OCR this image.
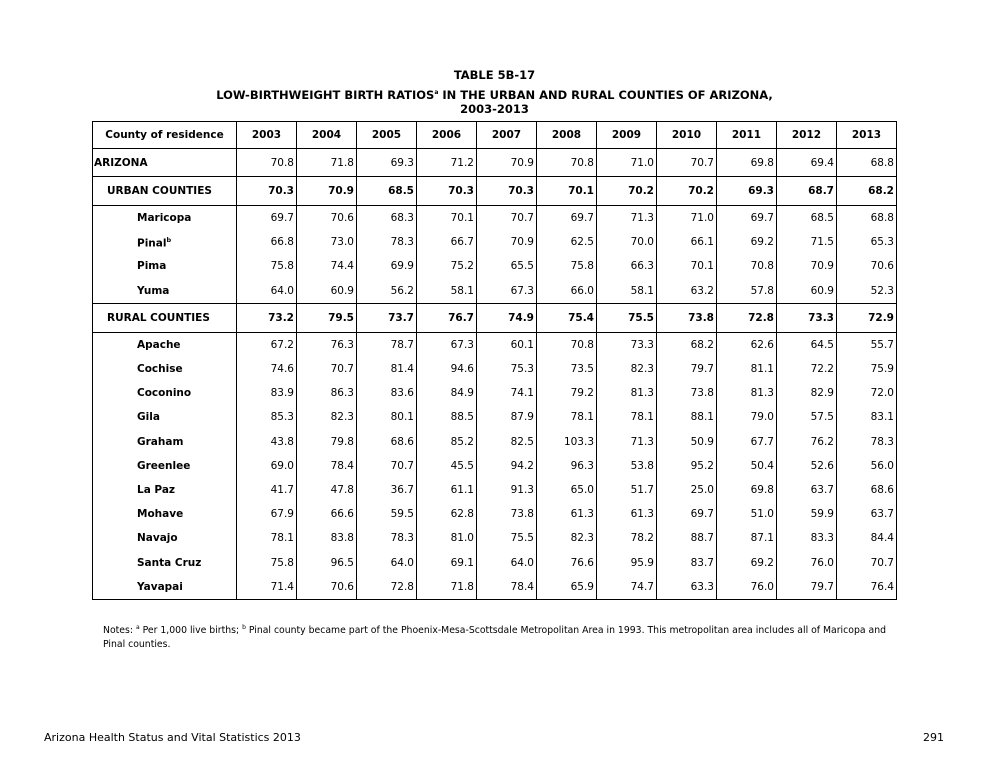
TABLE 5B-17
LOW-BIRTHWEIGHT BIRTH RATIOS$^a$ IN THE URBAN AND RURAL COUNTIES OF ARIZONA,
2003-2013
County of residence	2003	2004	2005	2006	2007	2008	2009	2010	2011	2012	2013
ARIZONA	70.8	71.8	69.3	71.2	70.9	70.8	71.0	70.7	69.8	69.4	68.8
URBAN COUNTIES	70.3	70.9	68.5	70.3	70.3	70.1	70.2	70.2	69.3	68.7	68.2
Maricopa	69.7	70.6	68.3	70.1	70.7	69.7	71.3	71.0	69.7	68.5	68.8
Pinal$^b$	66.8	73.0	78.3	66.7	70.9	62.5	70.0	66.1	69.2	71.5	65.3
Pima	75.8	74.4	69.9	75.2	65.5	75.8	66.3	70.1	70.8	70.9	70.6
Yuma	64.0	60.9	56.2	58.1	67.3	66.0	58.1	63.2	57.8	60.9	52.3
RURAL COUNTIES	73.2	79.5	73.7	76.7	74.9	75.4	75.5	73.8	72.8	73.3	72.9
Apache	67.2	76.3	78.7	67.3	60.1	70.8	73.3	68.2	62.6	64.5	55.7
Cochise	74.6	70.7	81.4	94.6	75.3	73.5	82.3	79.7	81.1	72.2	75.9
Coconino	83.9	86.3	83.6	84.9	74.1	79.2	81.3	73.8	81.3	82.9	72.0
Gila	85.3	82.3	80.1	88.5	87.9	78.1	78.1	88.1	79.0	57.5	83.1
Graham	43.8	79.8	68.6	85.2	82.5	103.3	71.3	50.9	67.7	76.2	78.3
Greenlee	69.0	78.4	70.7	45.5	94.2	96.3	53.8	95.2	50.4	52.6	56.0
La Paz	41.7	47.8	36.7	61.1	91.3	65.0	51.7	25.0	69.8	63.7	68.6
Mohave	67.9	66.6	59.5	62.8	73.8	61.3	61.3	69.7	51.0	59.9	63.7
Navajo	78.1	83.8	78.3	81.0	75.5	82.3	78.2	88.7	87.1	83.3	84.4
Santa Cruz	75.8	96.5	64.0	69.1	64.0	76.6	95.9	83.7	69.2	76.0	70.7
Yavapai	71.4	70.6	72.8	71.8	78.4	65.9	74.7	63.3	76.0	79.7	76.4
Notes: $^a$ Per 1,000 live births; $^b$ Pinal county became part of the Phoenix-Mesa-Scottsdale Metropolitan Area in 1993. This metropolitan area includes all of Maricopa and Pinal counties.
Arizona Health Status and Vital Statistics 2013	291
